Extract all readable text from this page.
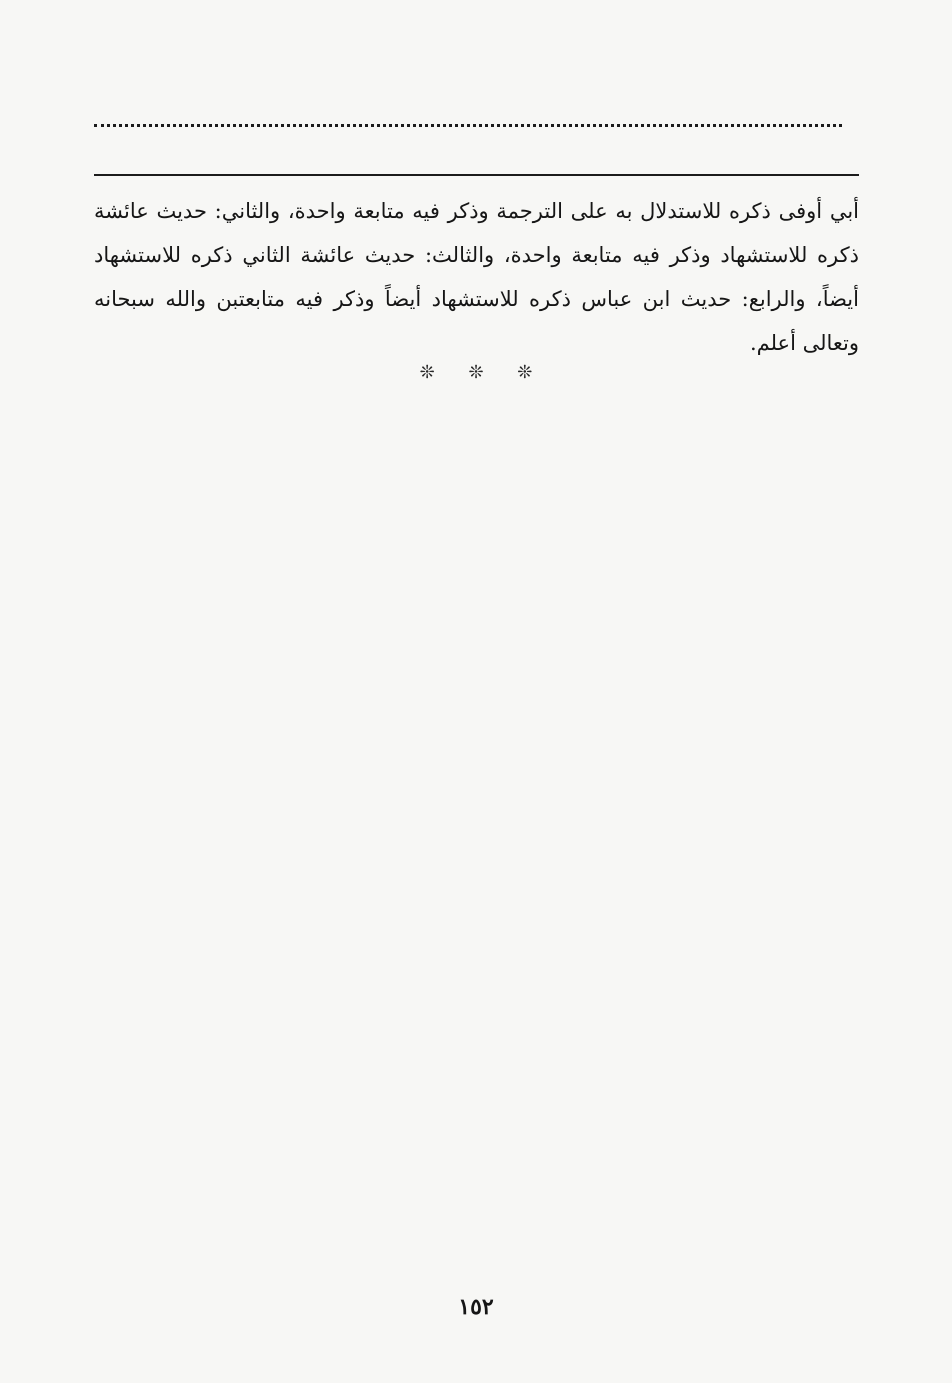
أبي أوفى ذكره للاستدلال به على الترجمة وذكر فيه متابعة واحدة، والثاني: حديث عائشة ذكره للاستشهاد وذكر فيه متابعة واحدة، والثالث: حديث عائشة الثاني ذكره للاستشهاد أيضاً، والرابع: حديث ابن عباس ذكره للاستشهاد أيضاً وذكر فيه متابعتبن والله سبحانه وتعالى أعلم.

❊ ❊ ❊
١٥٢
